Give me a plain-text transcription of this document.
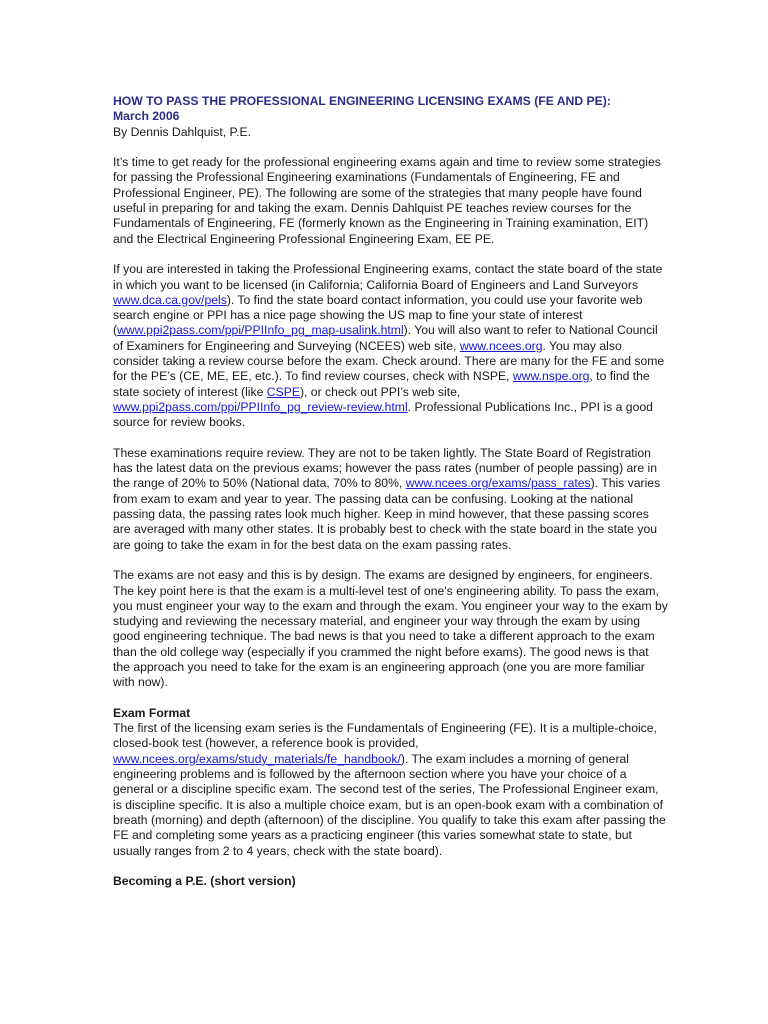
HOW TO PASS THE PROFESSIONAL ENGINEERING LICENSING EXAMS (FE AND PE):
March 2006
By Dennis Dahlquist, P.E.

It’s time to get ready for the professional engineering exams again and time to review some strategies for passing the Professional Engineering examinations (Fundamentals of Engineering, FE and Professional Engineer, PE). The following are some of the strategies that many people have found useful in preparing for and taking the exam. Dennis Dahlquist PE teaches review courses for the Fundamentals of Engineering, FE (formerly known as the Engineering in Training examination, EIT) and the Electrical Engineering Professional Engineering Exam, EE PE.

If you are interested in taking the Professional Engineering exams, contact the state board of the state in which you want to be licensed (in California; California Board of Engineers and Land Surveyors www.dca.ca.gov/pels). To find the state board contact information, you could use your favorite web search engine or PPI has a nice page showing the US map to fine your state of interest (www.ppi2pass.com/ppi/PPIInfo_pg_map-usalink.html). You will also want to refer to National Council of Examiners for Engineering and Surveying (NCEES) web site, www.ncees.org. You may also consider taking a review course before the exam. Check around. There are many for the FE and some for the PE’s (CE, ME, EE, etc.). To find review courses, check with NSPE, www.nspe.org, to find the state society of interest (like CSPE), or check out PPI’s web site, www.ppi2pass.com/ppi/PPIInfo_pg_review-review.html. Professional Publications Inc., PPI is a good source for review books.

These examinations require review. They are not to be taken lightly. The State Board of Registration has the latest data on the previous exams; however the pass rates (number of people passing) are in the range of 20% to 50% (National data, 70% to 80%, www.ncees.org/exams/pass_rates). This varies from exam to exam and year to year. The passing data can be confusing. Looking at the national passing data, the passing rates look much higher. Keep in mind however, that these passing scores are averaged with many other states. It is probably best to check with the state board in the state you are going to take the exam in for the best data on the exam passing rates.

The exams are not easy and this is by design. The exams are designed by engineers, for engineers. The key point here is that the exam is a multi-level test of one's engineering ability. To pass the exam, you must engineer your way to the exam and through the exam. You engineer your way to the exam by studying and reviewing the necessary material, and engineer your way through the exam by using good engineering technique. The bad news is that you need to take a different approach to the exam than the old college way (especially if you crammed the night before exams). The good news is that the approach you need to take for the exam is an engineering approach (one you are more familiar with now).

Exam Format

The first of the licensing exam series is the Fundamentals of Engineering (FE). It is a multiple-choice, closed-book test (however, a reference book is provided, www.ncees.org/exams/study_materials/fe_handbook/). The exam includes a morning of general engineering problems and is followed by the afternoon section where you have your choice of a general or a discipline specific exam. The second test of the series, The Professional Engineer exam, is discipline specific. It is also a multiple choice exam, but is an open-book exam with a combination of breath (morning) and depth (afternoon) of the discipline. You qualify to take this exam after passing the FE and completing some years as a practicing engineer (this varies somewhat state to state, but usually ranges from 2 to 4 years, check with the state board).

Becoming a P.E. (short version)
